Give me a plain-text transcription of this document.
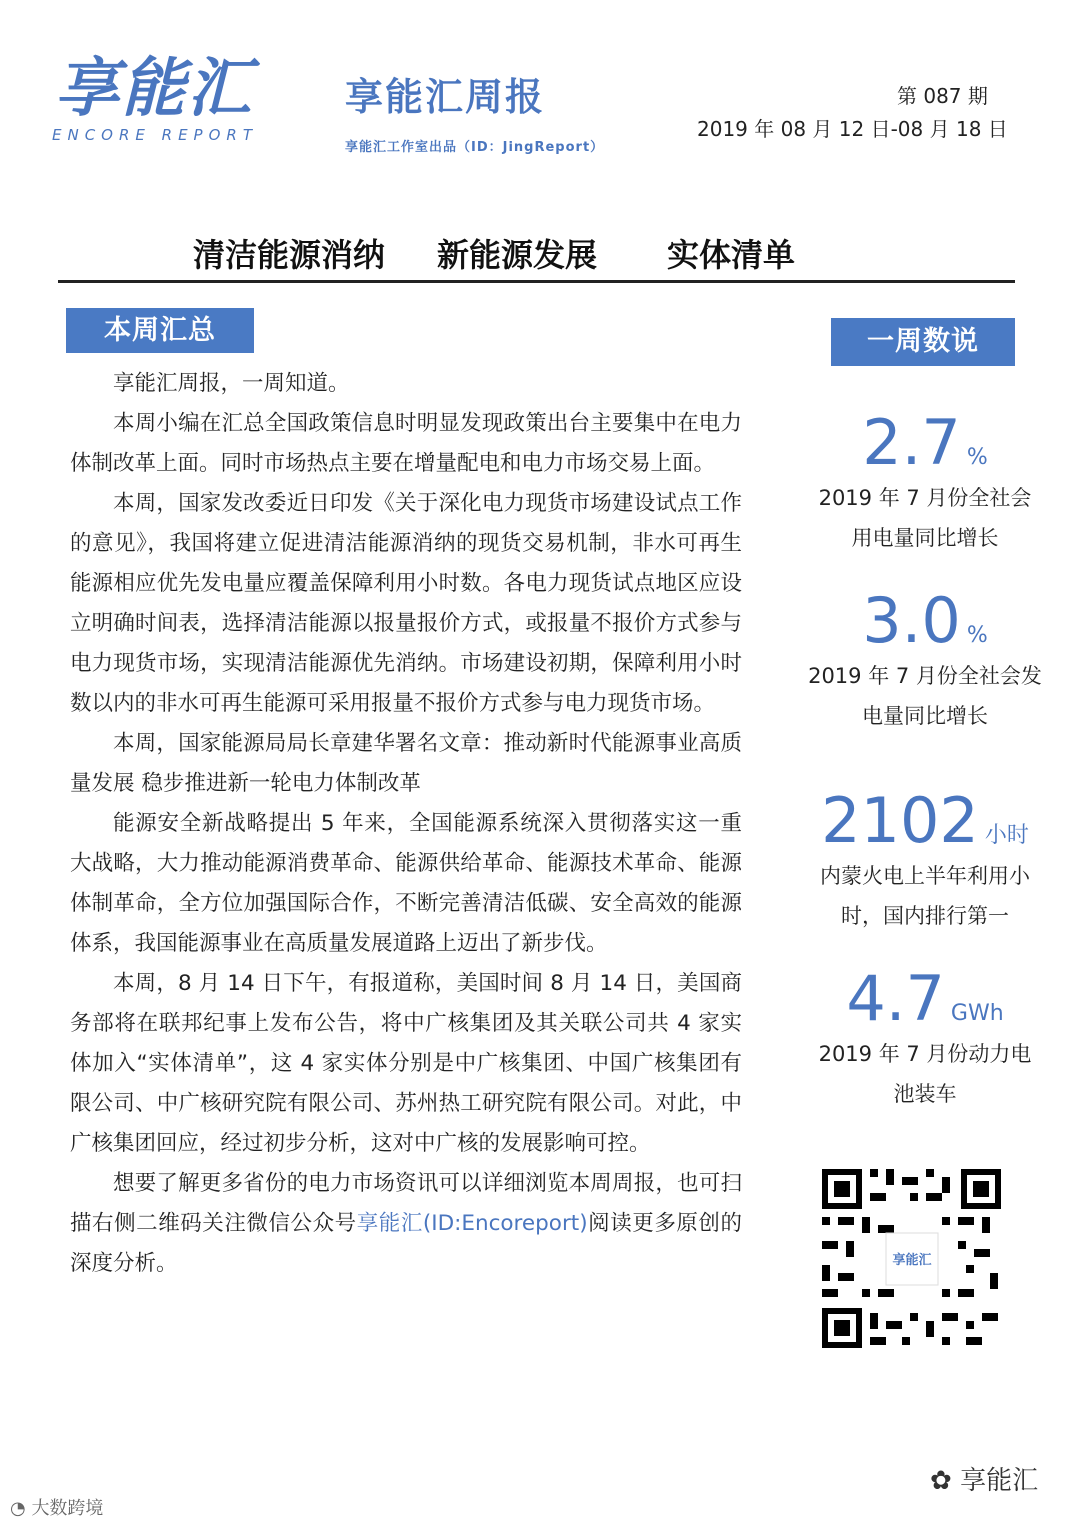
享能汇
ENCORE REPORT
享能汇周报
享能汇工作室出品（ID：JingReport）
第 087 期
2019 年 08 月 12 日-08 月 18 日
清洁能源消纳 新能源发展 实体清单
本周汇总

享能汇周报，一周知道。

本周小编在汇总全国政策信息时明显发现政策出台主要集中在电力体制改革上面。同时市场热点主要在增量配电和电力市场交易上面。

本周，国家发改委近日印发《关于深化电力现货市场建设试点工作的意见》，我国将建立促进清洁能源消纳的现货交易机制，非水可再生能源相应优先发电量应覆盖保障利用小时数。各电力现货试点地区应设立明确时间表，选择清洁能源以报量报价方式，或报量不报价方式参与电力现货市场，实现清洁能源优先消纳。市场建设初期，保障利用小时数以内的非水可再生能源可采用报量不报价方式参与电力现货市场。

本周，国家能源局局长章建华署名文章：推动新时代能源事业高质量发展 稳步推进新一轮电力体制改革

能源安全新战略提出 5 年来，全国能源系统深入贯彻落实这一重大战略，大力推动能源消费革命、能源供给革命、能源技术革命、能源体制革命，全方位加强国际合作，不断完善清洁低碳、安全高效的能源体系，我国能源事业在高质量发展道路上迈出了新步伐。

本周，8 月 14 日下午，有报道称，美国时间 8 月 14 日，美国商务部将在联邦纪事上发布公告，将中广核集团及其关联公司共 4 家实体加入“实体清单”，这 4 家实体分别是中广核集团、中国广核集团有限公司、中广核研究院有限公司、苏州热工研究院有限公司。对此，中广核集团回应，经过初步分析，这对中广核的发展影响可控。

想要了解更多省份的电力市场资讯可以详细浏览本周周报，也可扫描右侧二维码关注微信公众号享能汇(ID:Encoreport)阅读更多原创的深度分析。

一周数说
2.7 %
2019 年 7 月份全社会
用电量同比增长
3.0 %
2019 年 7 月份全社会发
电量同比增长
2102 小时
内蒙火电上半年利用小
时，国内排行第一
4.7 GWh
2019 年 7 月份动力电
池装车
享能汇
✿ 享能汇
◔ 大数跨境
